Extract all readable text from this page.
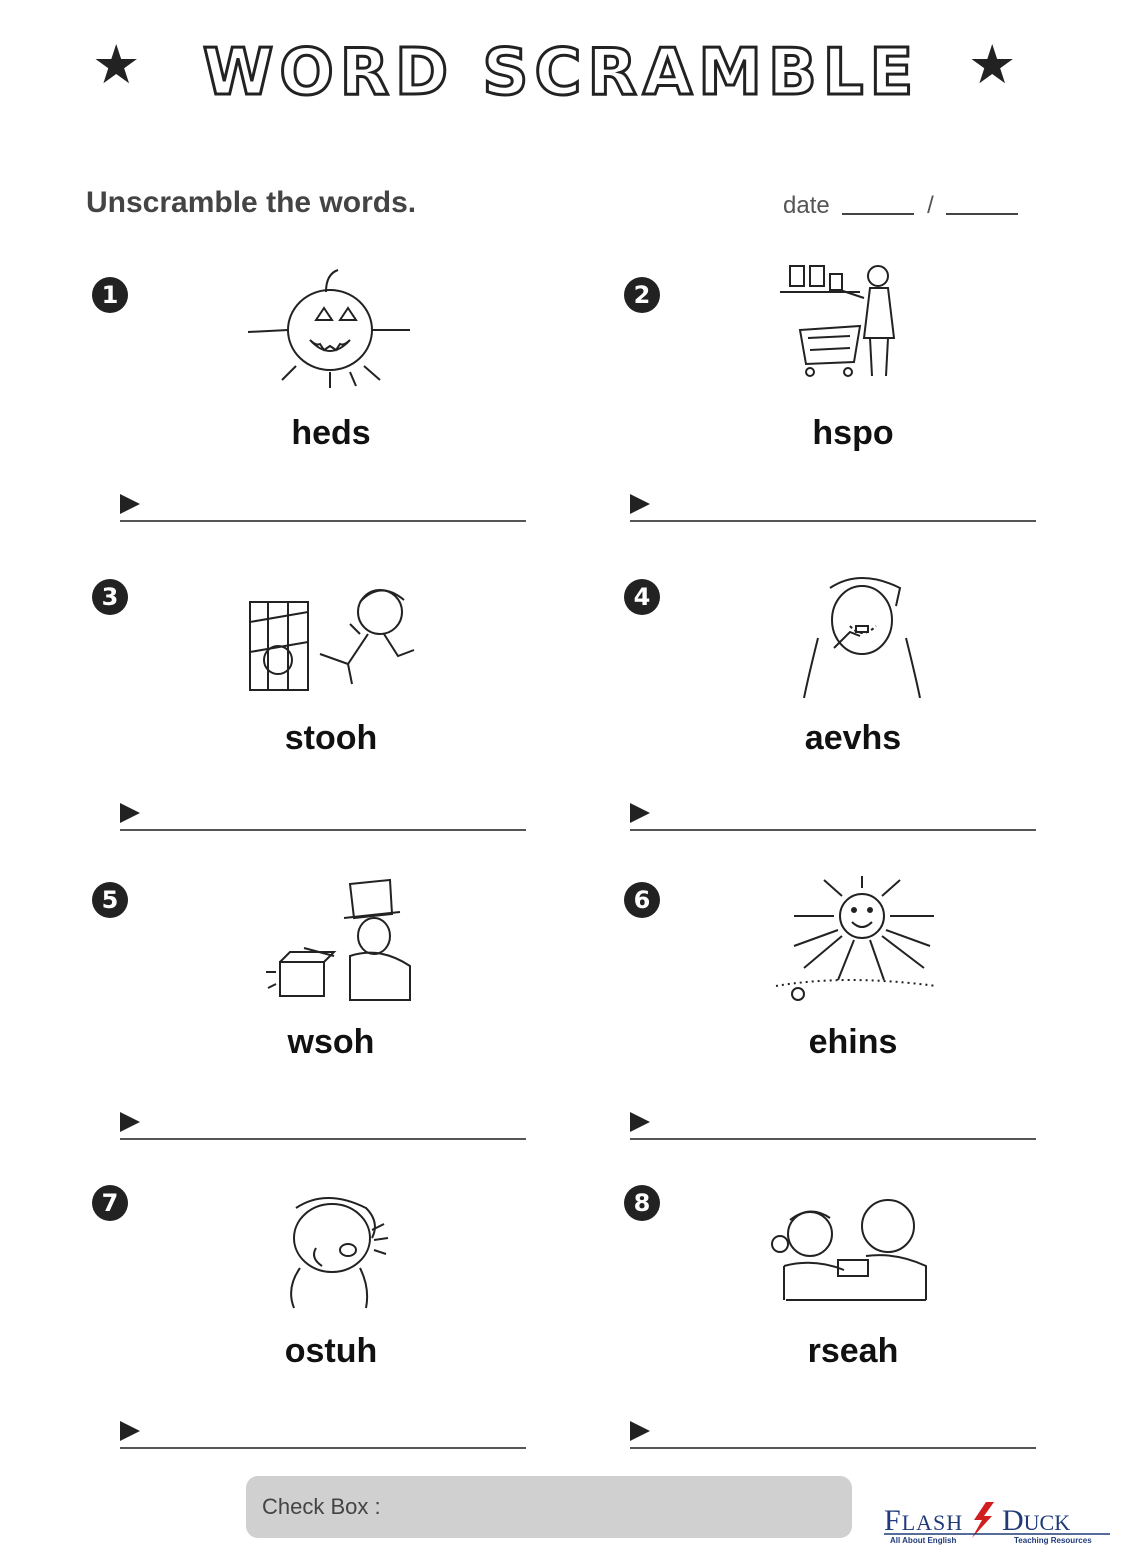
★ WORD SCRAMBLE ★
Unscramble the words.	date	/
1
heds
2
hspo
3
stooh
4
aevhs
5
wsoh
6
ehins
7
ostuh
8
rseah
Check Box :	FLASH DUCK
All About English	Teaching Resources
